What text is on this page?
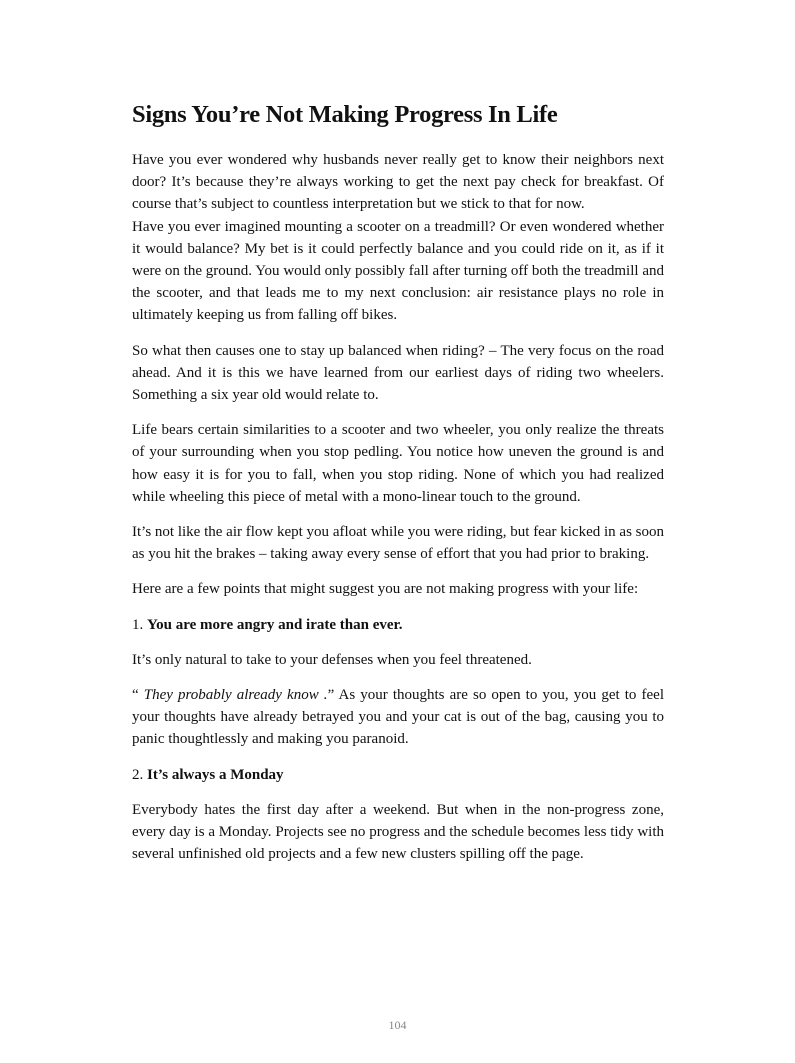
Signs You’re Not Making Progress In Life

Have you ever wondered why husbands never really get to know their neighbors next door? It’s because they’re always working to get the next pay check for breakfast. Of course that’s subject to countless interpretation but we stick to that for now.

Have you ever imagined mounting a scooter on a treadmill? Or even wondered whether it would balance? My bet is it could perfectly balance and you could ride on it, as if it were on the ground. You would only possibly fall after turning off both the treadmill and the scooter, and that leads me to my next conclusion: air resistance plays no role in ultimately keeping us from falling off bikes.

So what then causes one to stay up balanced when riding? – The very focus on the road ahead. And it is this we have learned from our earliest days of riding two wheelers. Something a six year old would relate to.

Life bears certain similarities to a scooter and two wheeler, you only realize the threats of your surrounding when you stop pedling. You notice how uneven the ground is and how easy it is for you to fall, when you stop riding. None of which you had realized while wheeling this piece of metal with a mono-linear touch to the ground.

It’s not like the air flow kept you afloat while you were riding, but fear kicked in as soon as you hit the brakes – taking away every sense of effort that you had prior to braking.

Here are a few points that might suggest you are not making progress with your life:

1. You are more angry and irate than ever.

It’s only natural to take to your defenses when you feel threatened.

“ They probably already know .” As your thoughts are so open to you, you get to feel your thoughts have already betrayed you and your cat is out of the bag, causing you to panic thoughtlessly and making you paranoid.

2. It’s always a Monday

Everybody hates the first day after a weekend. But when in the non-progress zone, every day is a Monday. Projects see no progress and the schedule becomes less tidy with several unfinished old projects and a few new clusters spilling off the page.

104
